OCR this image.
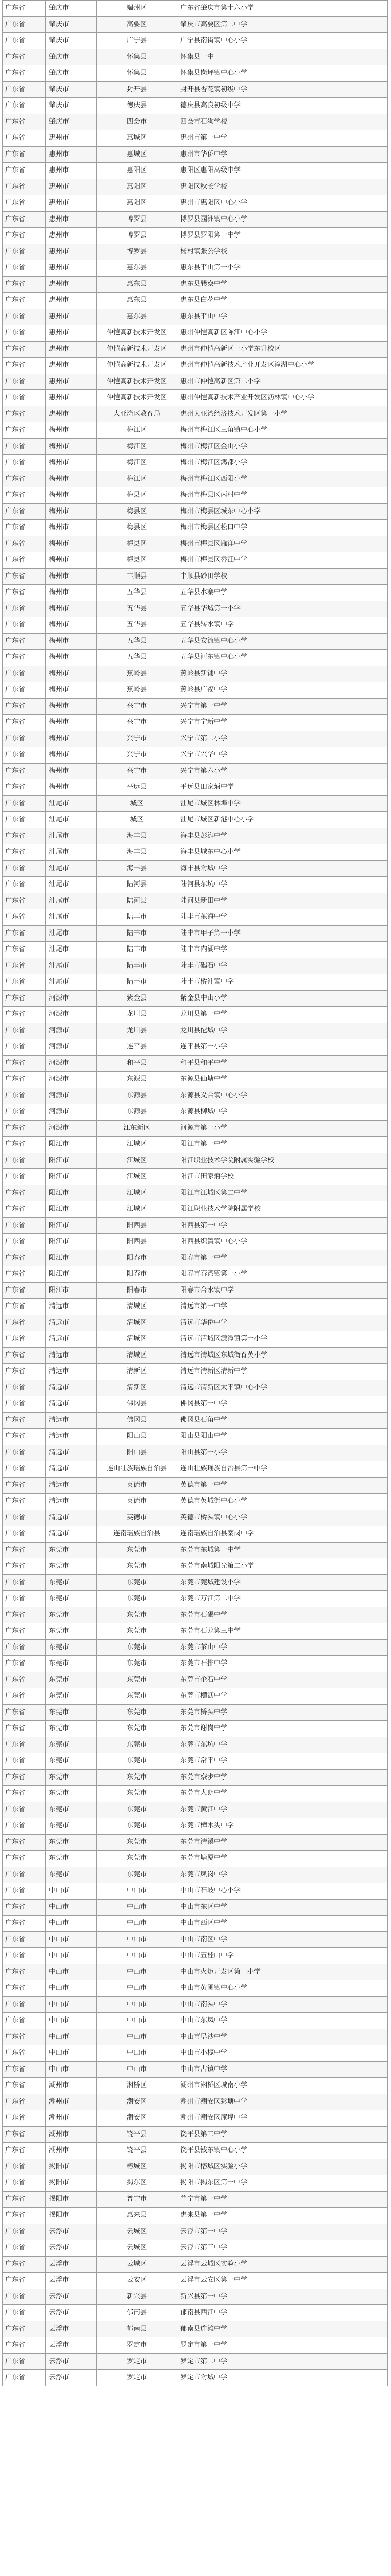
广东省	肇庆市	端州区	广东省肇庆市第十六小学
广东省	肇庆市	高要区	肇庆市高要区第二中学
广东省	肇庆市	广宁县	广宁县南街镇中心小学
广东省	肇庆市	怀集县	怀集县一中
广东省	肇庆市	怀集县	怀集县岗坪镇中心小学
广东省	肇庆市	封开县	封开县杏花镇初级中学
广东省	肇庆市	德庆县	德庆县高良初级中学
广东省	肇庆市	四会市	四会市石狗学校
广东省	惠州市	惠城区	惠州市第一中学
广东省	惠州市	惠城区	惠州市华侨中学
广东省	惠州市	惠阳区	惠阳区惠阳高级中学
广东省	惠州市	惠阳区	惠阳区秋长学校
广东省	惠州市	惠阳区	惠州市惠阳区中心小学
广东省	惠州市	博罗县	博罗县园洲镇中心小学
广东省	惠州市	博罗县	博罗县罗阳第一中学
广东省	惠州市	博罗县	杨村镇张公学校
广东省	惠州市	惠东县	惠东县平山第一小学
广东省	惠州市	惠东县	惠东县巽寮中学
广东省	惠州市	惠东县	惠东县白花中学
广东省	惠州市	惠东县	惠东县平山中学
广东省	惠州市	仲恺高新技术开发区	惠州仲恺高新区陈江中心小学
广东省	惠州市	仲恺高新技术开发区	惠州市仲恺高新区一小学东升校区
广东省	惠州市	仲恺高新技术开发区	惠州市仲恺高新技术产业开发区潼湖中心小学
广东省	惠州市	仲恺高新技术开发区	惠州市仲恺高新区第二小学
广东省	惠州市	仲恺高新技术开发区	惠州仲恺高新技术产业开发区沥林镇中心小学
广东省	惠州市	大亚湾区教育局	惠州大亚湾经济技术开发区第一小学
广东省	梅州市	梅江区	梅州市梅江区三角镇中心小学
广东省	梅州市	梅江区	梅州市梅江区金山小学
广东省	梅州市	梅江区	梅州市梅江区鸿都小学
广东省	梅州市	梅江区	梅州市梅江区西阳小学
广东省	梅州市	梅县区	梅州市梅县区丙村中学
广东省	梅州市	梅县区	梅州市梅县区城东中心小学
广东省	梅州市	梅县区	梅州市梅县区松口中学
广东省	梅州市	梅县区	梅州市梅县区雁洋中学
广东省	梅州市	梅县区	梅州市梅县区畲江中学
广东省	梅州市	丰顺县	丰顺县砂田学校
广东省	梅州市	五华县	五华县水寨中学
广东省	梅州市	五华县	五华县华城第一小学
广东省	梅州市	五华县	五华县转水镇中学
广东省	梅州市	五华县	五华县安流镇中心小学
广东省	梅州市	五华县	五华县河东镇中心小学
广东省	梅州市	蕉岭县	蕉岭县新铺中学
广东省	梅州市	蕉岭县	蕉岭县广福中学
广东省	梅州市	兴宁市	兴宁市第一中学
广东省	梅州市	兴宁市	兴宁市宁新中学
广东省	梅州市	兴宁市	兴宁市第二小学
广东省	梅州市	兴宁市	兴宁市兴华中学
广东省	梅州市	兴宁市	兴宁市第六小学
广东省	梅州市	平远县	平远县田家炳中学
广东省	汕尾市	城区	汕尾市城区林埠中学
广东省	汕尾市	城区	汕尾市城区新港中心小学
广东省	汕尾市	海丰县	海丰县彭湃中学
广东省	汕尾市	海丰县	海丰县城东中心小学
广东省	汕尾市	海丰县	海丰县附城中学
广东省	汕尾市	陆河县	陆河县东坑中学
广东省	汕尾市	陆河县	陆河县新田中学
广东省	汕尾市	陆丰市	陆丰市东海中学
广东省	汕尾市	陆丰市	陆丰市甲子第一小学
广东省	汕尾市	陆丰市	陆丰市内湖中学
广东省	汕尾市	陆丰市	陆丰市碣石中学
广东省	汕尾市	陆丰市	陆丰市桥冲镇中学
广东省	河源市	紫金县	紫金县中山小学
广东省	河源市	龙川县	龙川县第一中学
广东省	河源市	龙川县	龙川县佗城中学
广东省	河源市	连平县	连平县第一小学
广东省	河源市	和平县	和平县和平中学
广东省	河源市	东源县	东源县仙塘中学
广东省	河源市	东源县	东源县义合镇中心小学
广东省	河源市	东源县	东源县柳城中学
广东省	河源市	江东新区	河源市第一小学
广东省	阳江市	江城区	阳江市第一中学
广东省	阳江市	江城区	阳江职业技术学院附属实验学校
广东省	阳江市	江城区	阳江市田家炳学校
广东省	阳江市	江城区	阳江市江城区第二中学
广东省	阳江市	江城区	阳江职业技术学院附属学校
广东省	阳江市	阳西县	阳西县第一中学
广东省	阳江市	阳西县	阳西县织篢镇中心小学
广东省	阳江市	阳春市	阳春市第一中学
广东省	阳江市	阳春市	阳春市春湾镇第一小学
广东省	阳江市	阳春市	阳春市合水镇中学
广东省	清远市	清城区	清远市第一中学
广东省	清远市	清城区	清远市华侨中学
广东省	清远市	清城区	清远市清城区源潭镇第一小学
广东省	清远市	清城区	清远市清城区东城街育英小学
广东省	清远市	清新区	清远市清新区清新中学
广东省	清远市	清新区	清远市清新区太平镇中心小学
广东省	清远市	佛冈县	佛冈县第一中学
广东省	清远市	佛冈县	佛冈县石角中学
广东省	清远市	阳山县	阳山县阳山中学
广东省	清远市	阳山县	阳山县第一小学
广东省	清远市	连山壮族瑶族自治县	连山壮族瑶族自治县第一中学
广东省	清远市	英德市	英德市第一中学
广东省	清远市	英德市	英德市英城街中心小学
广东省	清远市	英德市	英德市桥头镇中心小学
广东省	清远市	连南瑶族自治县	连南瑶族自治县寨岗中学
广东省	东莞市	东莞市	东莞市东城第一中学
广东省	东莞市	东莞市	东莞市南城阳光第二小学
广东省	东莞市	东莞市	东莞市莞城建设小学
广东省	东莞市	东莞市	东莞市万江第二中学
广东省	东莞市	东莞市	东莞市石碣中学
广东省	东莞市	东莞市	东莞市石龙第三中学
广东省	东莞市	东莞市	东莞市茶山中学
广东省	东莞市	东莞市	东莞市石排中学
广东省	东莞市	东莞市	东莞市企石中学
广东省	东莞市	东莞市	东莞市横沥中学
广东省	东莞市	东莞市	东莞市桥头中学
广东省	东莞市	东莞市	东莞市谢岗中学
广东省	东莞市	东莞市	东莞市东坑中学
广东省	东莞市	东莞市	东莞市常平中学
广东省	东莞市	东莞市	东莞市寮步中学
广东省	东莞市	东莞市	东莞市大朗中学
广东省	东莞市	东莞市	东莞市黄江中学
广东省	东莞市	东莞市	东莞市樟木头中学
广东省	东莞市	东莞市	东莞市清溪中学
广东省	东莞市	东莞市	东莞市塘厦中学
广东省	东莞市	东莞市	东莞市凤岗中学
广东省	中山市	中山市	中山市石岐中心小学
广东省	中山市	中山市	中山市东区中学
广东省	中山市	中山市	中山市西区中学
广东省	中山市	中山市	中山市南区中学
广东省	中山市	中山市	中山市五桂山中学
广东省	中山市	中山市	中山市火炬开发区第一小学
广东省	中山市	中山市	中山市黄圃镇中心小学
广东省	中山市	中山市	中山市南头中学
广东省	中山市	中山市	中山市东凤中学
广东省	中山市	中山市	中山市阜沙中学
广东省	中山市	中山市	中山市小榄中学
广东省	中山市	中山市	中山市古镇中学
广东省	潮州市	湘桥区	潮州市湘桥区城南小学
广东省	潮州市	潮安区	潮州市潮安区彩塘中学
广东省	潮州市	潮安区	潮州市潮安区庵埠中学
广东省	潮州市	饶平县	饶平县第二中学
广东省	潮州市	饶平县	饶平县钱东镇中心小学
广东省	揭阳市	榕城区	揭阳市榕城区实验小学
广东省	揭阳市	揭东区	揭阳市揭东区第一中学
广东省	揭阳市	普宁市	普宁市第一中学
广东省	揭阳市	惠来县	惠来县第一中学
广东省	云浮市	云城区	云浮市第一中学
广东省	云浮市	云城区	云浮市第三中学
广东省	云浮市	云城区	云浮市云城区实验小学
广东省	云浮市	云安区	云浮市云安区第一中学
广东省	云浮市	新兴县	新兴县第一中学
广东省	云浮市	郁南县	郁南县西江中学
广东省	云浮市	郁南县	郁南县连滩中学
广东省	云浮市	罗定市	罗定市第一中学
广东省	云浮市	罗定市	罗定市第二中学
广东省	云浮市	罗定市	罗定市附城中学
